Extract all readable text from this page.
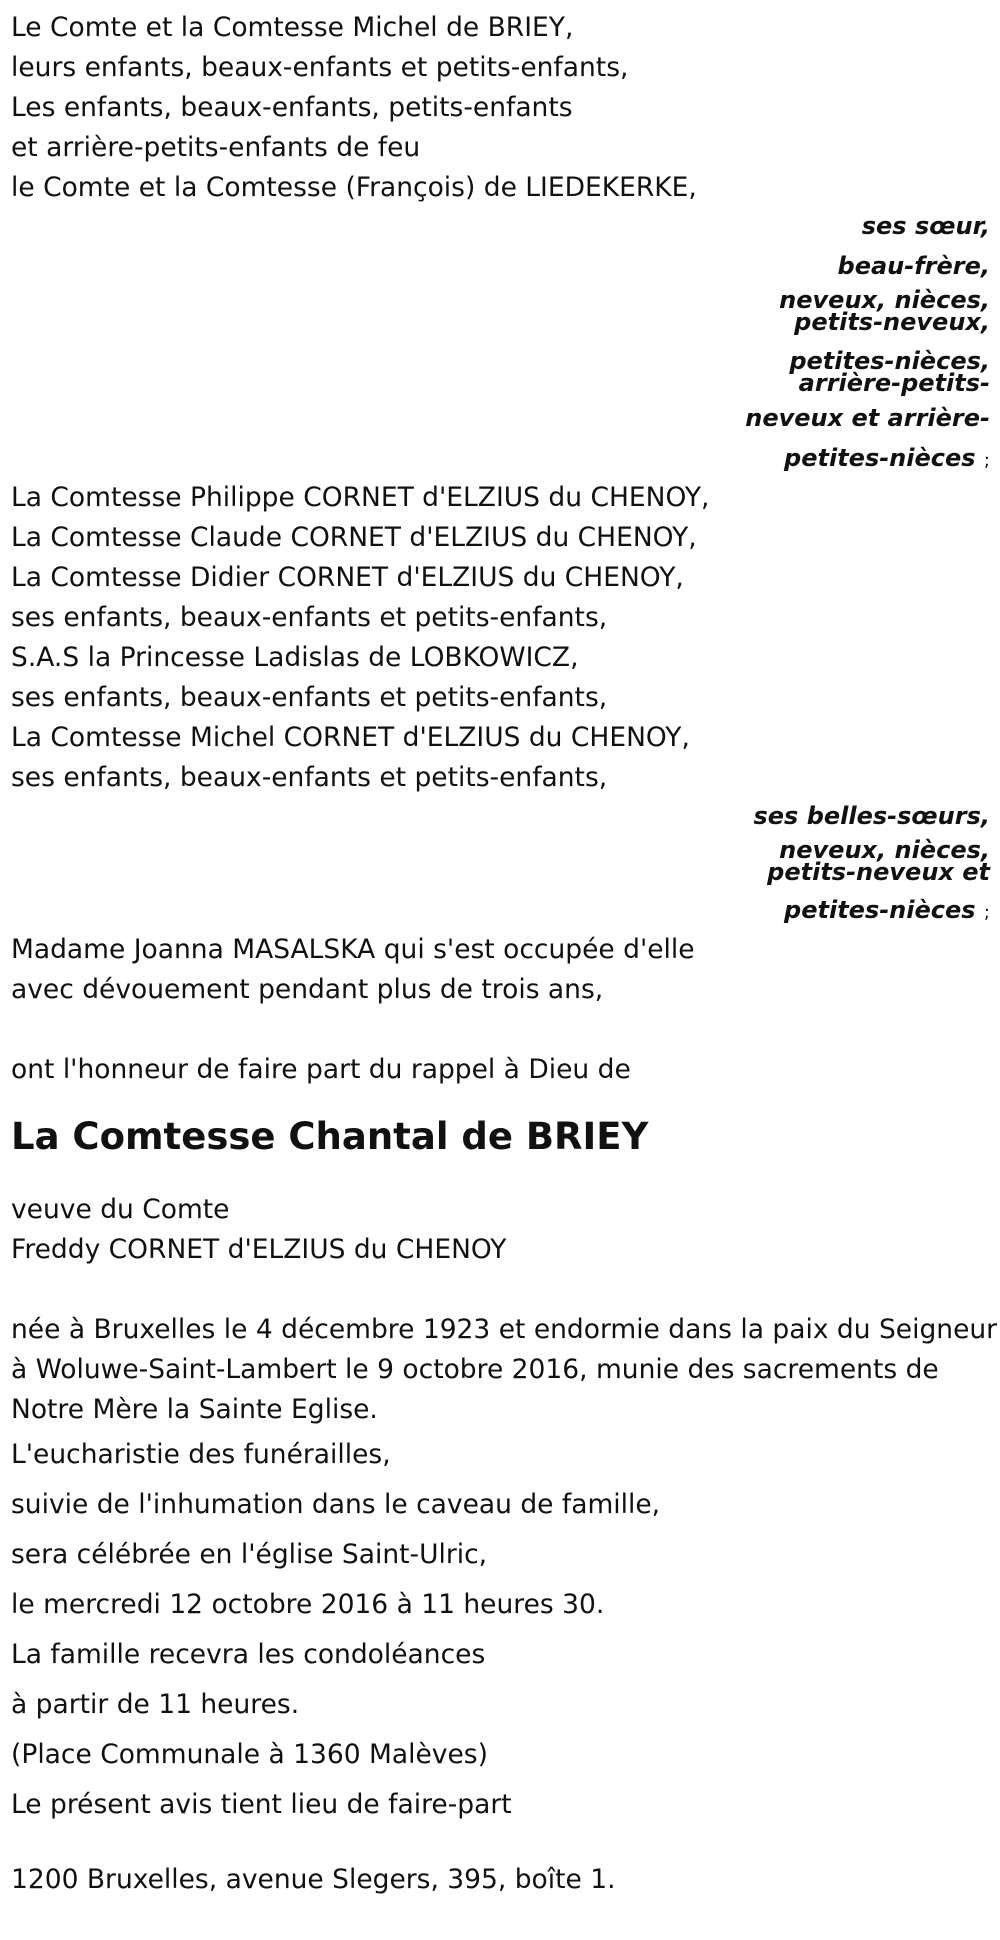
Le Comte et la Comtesse Michel de BRIEY,
leurs enfants, beaux-enfants et petits-enfants,
Les enfants, beaux-enfants, petits-enfants
et arrière-petits-enfants de feu
le Comte et la Comtesse (François) de LIEDEKERKE,
ses sœur,
beau-frère,
neveux, nièces,
petits-neveux,
petites-nièces,
arrière-petits-
neveux et arrière-
petites-nièces ;
La Comtesse Philippe CORNET d'ELZIUS du CHENOY,
La Comtesse Claude CORNET d'ELZIUS du CHENOY,
La Comtesse Didier CORNET d'ELZIUS du CHENOY,
ses enfants, beaux-enfants et petits-enfants,
S.A.S la Princesse Ladislas de LOBKOWICZ,
ses enfants, beaux-enfants et petits-enfants,
La Comtesse Michel CORNET d'ELZIUS du CHENOY,
ses enfants, beaux-enfants et petits-enfants,
ses belles-sœurs,
neveux, nièces,
petits-neveux et
petites-nièces ;
Madame Joanna MASALSKA qui s'est occupée d'elle
avec dévouement pendant plus de trois ans,
ont l'honneur de faire part du rappel à Dieu de
La Comtesse Chantal de BRIEY
veuve du Comte
Freddy CORNET d'ELZIUS du CHENOY
née à Bruxelles le 4 décembre 1923 et endormie dans la paix du Seigneur
à Woluwe-Saint-Lambert le 9 octobre 2016, munie des sacrements de
Notre Mère la Sainte Eglise.
L'eucharistie des funérailles,
suivie de l'inhumation dans le caveau de famille,
sera célébrée en l'église Saint-Ulric,
le mercredi 12 octobre 2016 à 11 heures 30.
La famille recevra les condoléances
à partir de 11 heures.
(Place Communale à 1360 Malèves)
Le présent avis tient lieu de faire-part
1200 Bruxelles, avenue Slegers, 395, boîte 1.
